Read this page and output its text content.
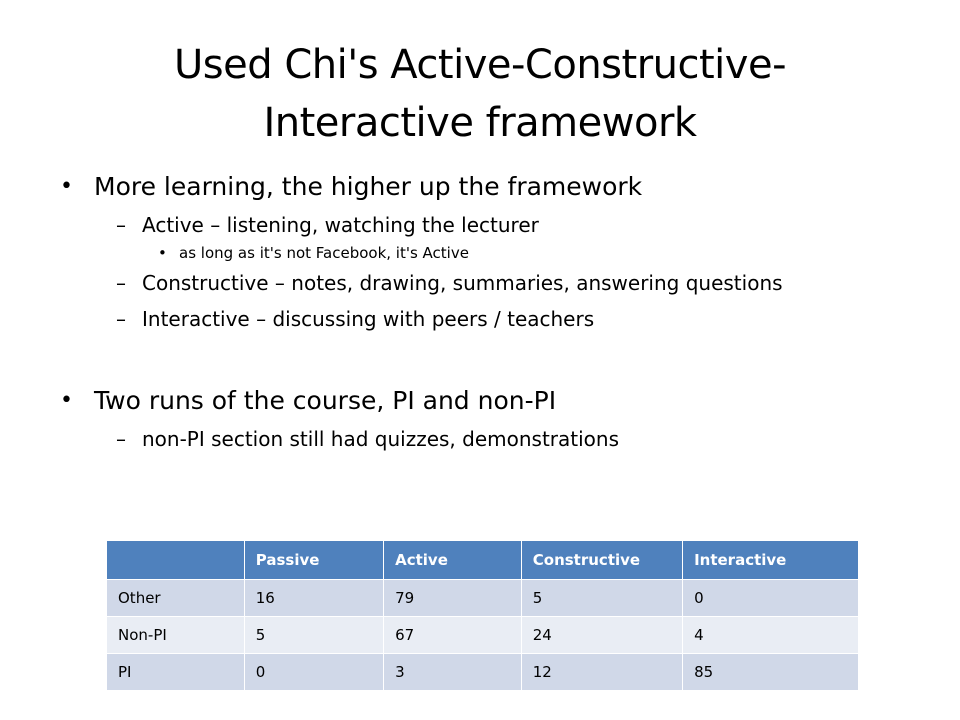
Used Chi's Active-Constructive-
Interactive framework
• More learning, the higher up the framework
– Active – listening, watching the lecturer
• as long as it's not Facebook, it's Active
– Constructive – notes, drawing, summaries, answering questions
– Interactive – discussing with peers / teachers
• Two runs of the course, PI and non-PI
– non-PI section still had quizzes, demonstrations
	Passive	Active	Constructive	Interactive
Other	16	79	5	0
Non-PI	5	67	24	4
PI	0	3	12	85
